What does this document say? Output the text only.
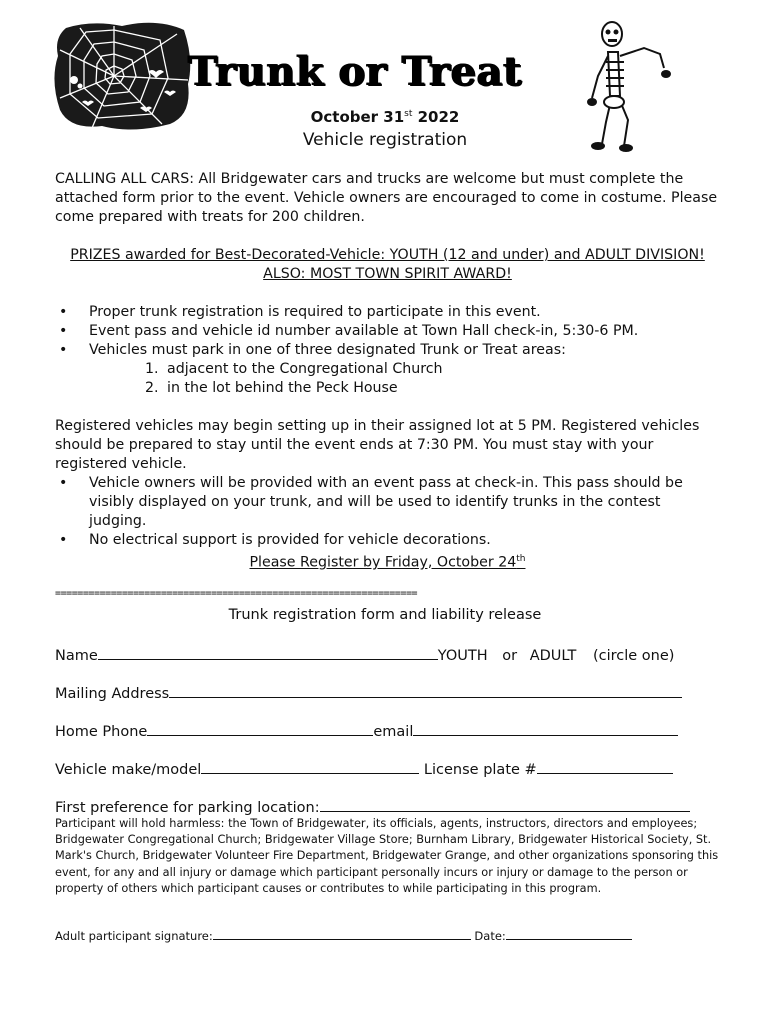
Trunk or Treat
October 31st 2022
Vehicle registration
CALLING ALL CARS: All Bridgewater cars and trucks are welcome but must complete the attached form prior to the event. Vehicle owners are encouraged to come in costume. Please come prepared with treats for 200 children.
PRIZES awarded for Best-Decorated-Vehicle: YOUTH (12 and under) and ADULT DIVISION!
ALSO: MOST TOWN SPIRIT AWARD!
• Proper trunk registration is required to participate in this event.
• Event pass and vehicle id number available at Town Hall check-in, 5:30-6 PM.
• Vehicles must park in one of three designated Trunk or Treat areas:
1. adjacent to the Congregational Church
2. in the lot behind the Peck House
Registered vehicles may begin setting up in their assigned lot at 5 PM. Registered vehicles should be prepared to stay until the event ends at 7:30 PM. You must stay with your registered vehicle.
• Vehicle owners will be provided with an event pass at check-in. This pass should be visibly displayed on your trunk, and will be used to identify trunks in the contest judging.
• No electrical support is provided for vehicle decorations.
Please Register by Friday, October 24th
=================================================================
Trunk registration form and liability release
Name	YOUTH or ADULT (circle one)
Mailing Address
Home Phone	email
Vehicle make/model	License plate #
First preference for parking location:
Participant will hold harmless: the Town of Bridgewater, its officials, agents, instructors, directors and employees; Bridgewater Congregational Church; Bridgewater Village Store; Burnham Library, Bridgewater Historical Society, St. Mark's Church, Bridgewater Volunteer Fire Department, Bridgewater Grange, and other organizations sponsoring this event, for any and all injury or damage which participant personally incurs or injury or damage to the person or property of others which participant causes or contributes to while participating in this program.
Adult participant signature:	Date:
